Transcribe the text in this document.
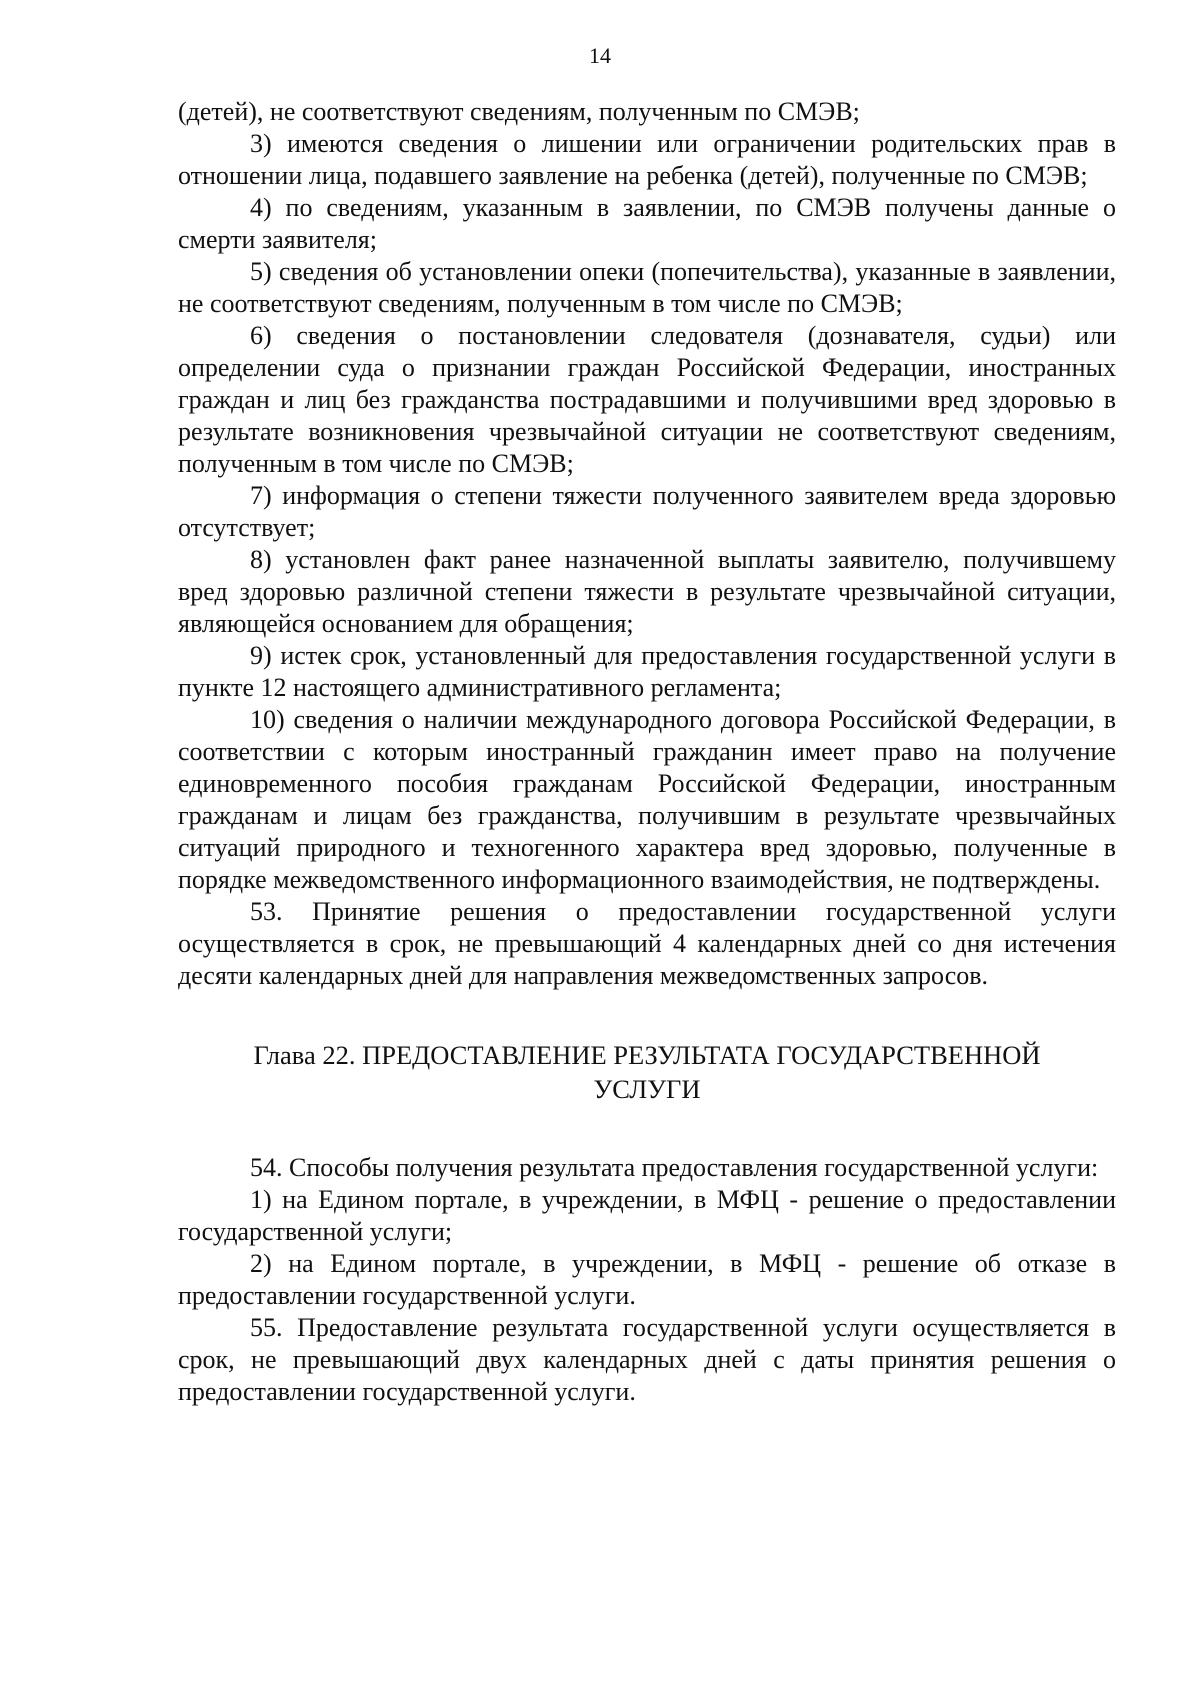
14

(детей), не соответствуют сведениям, полученным по СМЭВ;

3) имеются сведения о лишении или ограничении родительских прав в отношении лица, подавшего заявление на ребенка (детей), полученные по СМЭВ;

4) по сведениям, указанным в заявлении, по СМЭВ получены данные о смерти заявителя;

5) сведения об установлении опеки (попечительства), указанные в заявлении, не соответствуют сведениям, полученным в том числе по СМЭВ;

6) сведения о постановлении следователя (дознавателя, судьи) или определении суда о признании граждан Российской Федерации, иностранных граждан и лиц без гражданства пострадавшими и получившими вред здоровью в результате возникновения чрезвычайной ситуации не соответствуют сведениям, полученным в том числе по СМЭВ;

7) информация о степени тяжести полученного заявителем вреда здоровью отсутствует;

8) установлен факт ранее назначенной выплаты заявителю, получившему вред здоровью различной степени тяжести в результате чрезвычайной ситуации, являющейся основанием для обращения;

9) истек срок, установленный для предоставления государственной услуги в пункте 12 настоящего административного регламента;

10) сведения о наличии международного договора Российской Федерации, в соответствии с которым иностранный гражданин имеет право на получение единовременного пособия гражданам Российской Федерации, иностранным гражданам и лицам без гражданства, получившим в результате чрезвычайных ситуаций природного и техногенного характера вред здоровью, полученные в порядке межведомственного информационного взаимодействия, не подтверждены.

53. Принятие решения о предоставлении государственной услуги осуществляется в срок, не превышающий 4 календарных дней со дня истечения десяти календарных дней для направления межведомственных запросов.

Глава 22. ПРЕДОСТАВЛЕНИЕ РЕЗУЛЬТАТА ГОСУДАРСТВЕННОЙ
УСЛУГИ

54. Способы получения результата предоставления государственной услуги:

1) на Едином портале, в учреждении, в МФЦ - решение о предоставлении государственной услуги;

2) на Едином портале, в учреждении, в МФЦ - решение об отказе в предоставлении государственной услуги.

55. Предоставление результата государственной услуги осуществляется в срок, не превышающий двух календарных дней с даты принятия решения о предоставлении государственной услуги.
